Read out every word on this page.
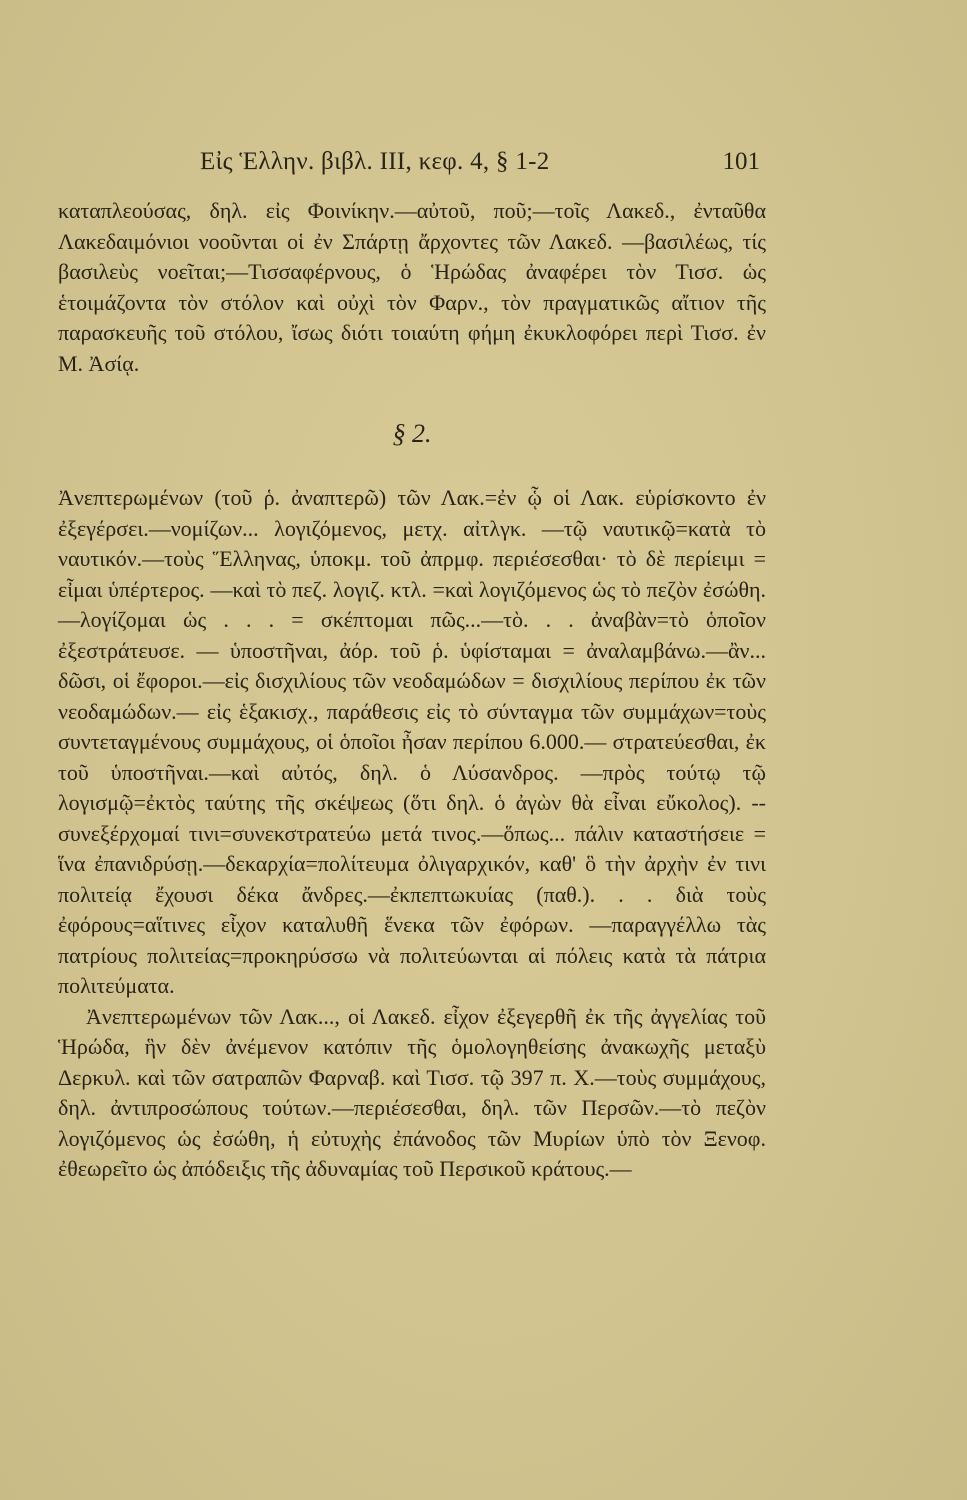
Εἰς Ἑλλην. βιβλ. III, κεφ. 4, § 1-2	101

καταπλεούσας, δηλ. εἰς Φοινίκην.—αὐτοῦ, ποῦ;—τοῖς Λακεδ., ἐνταῦθα Λακεδαιμόνιοι νοοῦνται οἱ ἐν Σπάρτῃ ἄρχοντες τῶν Λακεδ. —βασιλέως, τίς βασιλεὺς νοεῖται;—Τισσαφέρνους, ὁ Ἡρώδας ἀναφέρει τὸν Τισσ. ὡς ἑτοιμάζοντα τὸν στόλον καὶ οὐχὶ τὸν Φαρν., τὸν πραγματικῶς αἴτιον τῆς παρασκευῆς τοῦ στόλου, ἴσως διότι τοιαύτη φήμη ἐκυκλοφόρει περὶ Τισσ. ἐν Μ. Ἀσίᾳ.

§ 2.

Ἀνεπτερωμένων (τοῦ ῥ. ἀναπτερῶ) τῶν Λακ.=ἐν ᾧ οἱ Λακ. εὑρίσκοντο ἐν ἐξεγέρσει.—νομίζων... λογιζόμενος, μετχ. αἰτλγκ. —τῷ ναυτικῷ=κατὰ τὸ ναυτικόν.—τοὺς Ἕλληνας, ὑποκμ. τοῦ ἀπρμφ. περιέσεσθαι· τὸ δὲ περίειμι = εἶμαι ὑπέρτερος. —καὶ τὸ πεζ. λογιζ. κτλ. =καὶ λογιζόμενος ὡς τὸ πεζὸν ἐσώθη. —λογίζομαι ὡς . . . = σκέπτομαι πῶς...—τὸ. . . ἀναβὰν=τὸ ὁποῖον ἐξεστράτευσε. — ὑποστῆναι, ἀόρ. τοῦ ῥ. ὑφίσταμαι = ἀναλαμβάνω.—ἂν... δῶσι, οἱ ἔφοροι.—εἰς δισχιλίους τῶν νεοδαμώδων = δισχιλίους περίπου ἐκ τῶν νεοδαμώδων.— εἰς ἑξακισχ., παράθεσις εἰς τὸ σύνταγμα τῶν συμμάχων=τοὺς συντεταγμένους συμμάχους, οἱ ὁποῖοι ἦσαν περίπου 6.000.— στρατεύεσθαι, ἐκ τοῦ ὑποστῆναι.—καὶ αὐτός, δηλ. ὁ Λύσανδρος. —πρὸς τούτῳ τῷ λογισμῷ=ἐκτὸς ταύτης τῆς σκέψεως (ὅτι δηλ. ὁ ἀγὼν θὰ εἶναι εὔκολος). -- συνεξέρχομαί τινι=συνεκστρατεύω μετά τινος.—ὅπως... πάλιν καταστήσειε = ἵνα ἐπανιδρύσῃ.—δεκαρχία=πολίτευμα ὀλιγαρχικόν, καθ' ὃ τὴν ἀρχὴν ἐν τινι πολιτείᾳ ἔχουσι δέκα ἄνδρες.—ἐκπεπτωκυίας (παθ.). . . διὰ τοὺς ἐφόρους=αἵτινες εἶχον καταλυθῆ ἕνεκα τῶν ἐφόρων. —παραγγέλλω τὰς πατρίους πολιτείας=προκηρύσσω νὰ πολιτεύωνται αἱ πόλεις κατὰ τὰ πάτρια πολιτεύματα.

Ἀνεπτερωμένων τῶν Λακ..., οἱ Λακεδ. εἶχον ἐξεγερθῆ ἐκ τῆς ἀγγελίας τοῦ Ἡρώδα, ἣν δὲν ἀνέμενον κατόπιν τῆς ὁμολογηθείσης ἀνακωχῆς μεταξὺ Δερκυλ. καὶ τῶν σατραπῶν Φαρναβ. καὶ Τισσ. τῷ 397 π. Χ.—τοὺς συμμάχους, δηλ. ἀντιπροσώπους τούτων.—περιέσεσθαι, δηλ. τῶν Περσῶν.—τὸ πεζὸν λογιζόμενος ὡς ἐσώθη, ἡ εὐτυχὴς ἐπάνοδος τῶν Μυρίων ὑπὸ τὸν Ξενοφ. ἐθεωρεῖτο ὡς ἀπόδειξις τῆς ἀδυναμίας τοῦ Περσικοῦ κράτους.—
